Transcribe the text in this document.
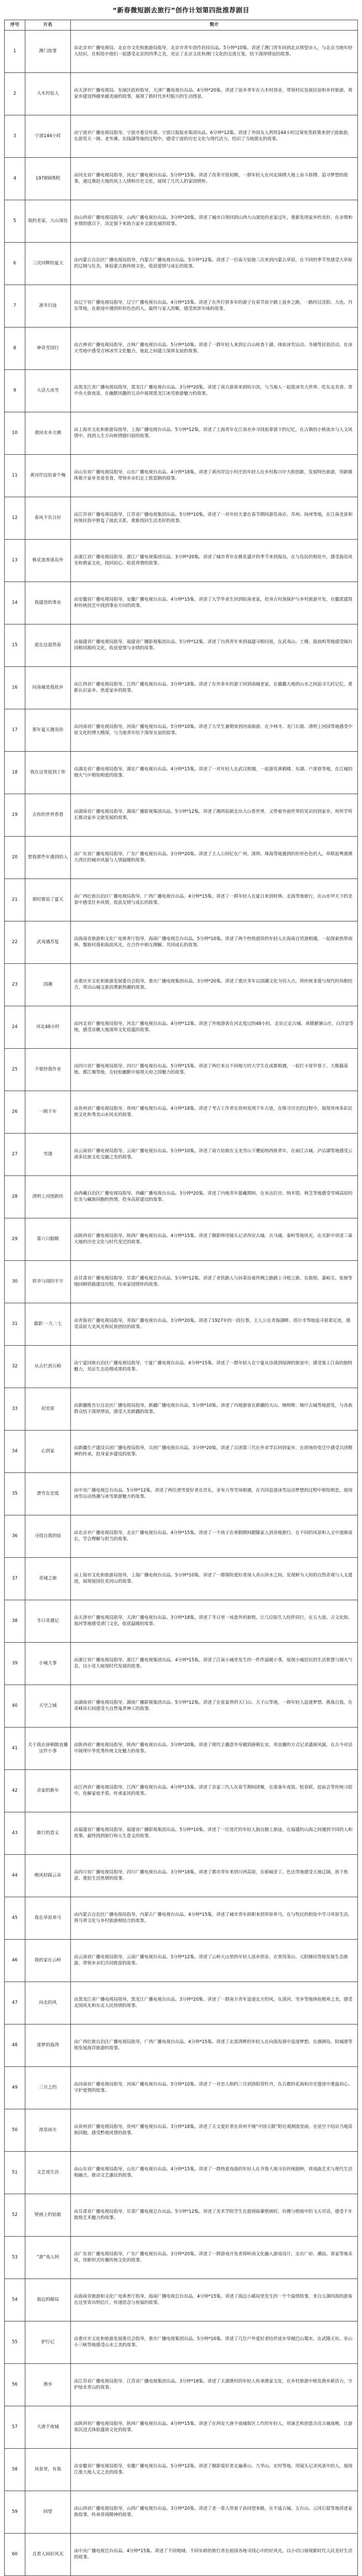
“新春微短剧去旅行”创作计划第四批推荐剧目
序号	片名	简介
1	澳门故事	由北京市广播电视局、北京市文化和旅游局指导，北京市青年创作扶持出品。5分钟*10集。讲述了澳门青年回到北京探望亲人，与北京当地年轻人结识，在相处中他们一起感受北京的四季之美，见证了北京文化和澳门文化的交流互鉴，结下深厚情谊的故事。
2	大木村姑人	由天津市广播电视局、东丽区政府指导，天津广播电视台出品。4分钟*20集。讲述了返乡青年在大木村创业，带领村民发展民宿和乡村旅游，将家乡建设得越来越美丽的故事，展现了新时代乡村振兴的生动图景。
3	宁波144小时	由宁波市广播电视局指导，宁波市委宣传部、宁波日报报业集团出品。6分钟*12集。讲述了外国友人利用144小时过境免签政策来到宁波旅游，在游览天一阁、老外滩、东钱湖等地的过程中，感受宁波的历史文化与现代活力，结识了当地朋友的故事。
4	1978锦绣程	由河北省广播电视局指导，河北广播电视台出品。5分钟*15集。讲述了改革开放初期，一群年轻人在河北锦绣大地上奋斗拼搏、追寻梦想的故事，通过燕赵大地的风土人情和历史文化，展现了几代人的家国情怀。
5	我的老家，大山深处	由山西省广播电视局指导，山西广播电视台出品。3分钟*20集。讲述了城市白领回到山西大山深处的老家过年，重新发现家乡的美好，在亲情和乡情的感召下，决定留下来助力家乡文旅发展的故事。
6	三次回眸的夏天	由内蒙古自治区广播电视局指导，内蒙古广播电视台出品。5分钟*12集。讲述了一位南方姑娘三次来到内蒙古草原，在不同的季节里感受大草原的辽阔与壮美，体验蒙古族传统文化，收获爱情与成长的故事。
7	凛冬归途	由辽宁省广播电视局指导，辽宁广播电视台出品。4分钟*15集。讲述了在外打拼多年的游子在春节前夕踏上返乡之路，一路经过沈阳、大连、丹东等地，在旅途中遇到形形色色的人，最终与家人团聚，感受浓浓年味的故事。
8	神奇雪国行	由吉林省广播电视局指导，吉林广播电视台出品。5分钟*10集。讲述了一群年轻人来到长白山和查干湖，体验冰雪运动、冬捕等民俗活动，在冰天雪地中感受吉林冰雪文化魅力，彼此之间建立深厚友谊的故事。
9	大话大冰雪	由黑龙江省广播电视局指导，黑龙江广播电视台出品。3分钟*20集。讲述了南方游客来到哈尔滨，与当地人一起逛冰雪大世界、吃东北美食、赏中央大街夜景，在幽默风趣的互动中展现黑龙江冰雪旅游魅力的故事。
10	重回水乡大佛	由上海市文化和旅游局指导，上海广播电视台出品。5分钟*12集。讲述了上海青年在江南水乡寻找祖辈留下的记忆，在古镇的小桥流水与人文风情中，找到人生方向和情感归宿的故事。
11	黄河岸边驻着个俺	由山东省广播电视局指导，山东广播电视台出品。4分钟*18集。讲述了黄河岸边小村庄的年轻人在乡村振兴中大胆创新，发展特色旅游，用新媒体推介家乡美景美食，带领乡亲们走上致富路的故事。
12	春风不负日好	由江苏省广播电视局指导，江苏省广播电视集团出品。5分钟*10集。讲述了一对年轻夫妻在春节期间游览南京、苏州、扬州等地，在江南美景和传统民俗中修复了彼此关系，重新找回生活美好的故事。
13	桃花流香落岛外	由浙江省广播电视局指导，浙江广播电视集团出品。3分钟*20集。讲述了城市青年在桃花盛开的季节来到海岛，在与岛民的相处中，感受海岛风光和渔家文化，找回初心、收获真情的故事。
14	我建造的事业	由安徽省广播电视局指导，安徽广播电视台出品。4分钟*15集。讲述了大学毕业生回到皖南老家，投身古村落保护与乡村旅游开发，在徽派建筑和传统技艺中找到事业方向的故事。
15	爱在这盈然春	由福建省广播电视局指导，福建省广播影视集团出品。5分钟*12集。讲述了台湾青年来到福建寻根问祖，在武夷山、土楼、鼓浪屿等地感受闽台同根同源的文化，收获爱情与亲情的故事。
16	问南城是我故乡	由江西省广播电视局指导，江西广播电视台出品。3分钟*18集。讲述了在外多年的游子回到南城老家，在赣鄱大地的山水之间追寻儿时记忆，重新认识家乡、热爱家乡的故事。
17	那年夏天遇见你	由河南省广播电视局指导，河南广播电视台出品。5分钟*10集。讲述了大学生暑期来到河南旅游，在少林寺、龙门石窟、清明上河园等地感受中原文化的博大精深，与当地青年结下深厚友谊的故事。
18	我在这里捉到了你	由湖北省广播电视局指导，湖北广播电视台出品。4分钟*15集。讲述了一对年轻人在武汉相遇，一起游览黄鹤楼、东湖、户部巷等地，在江城的烟火气中相知相爱的故事。
19	去你的世界看看	由湖南省广播电视局指导，湖南广播影视集团出品。5分钟*12集。讲述了湘西姑娘走出大山看世界，又带着外面世界的见识回到家乡，用所学所长推动家乡文旅发展的故事。
20	想我那些年遇到的人	由广东省广播电视局指导，广东广播电视台出品。3分钟*20集。讲述了主人公回忆在广州、深圳、珠海等地遇到的形形色色的人，串联起粤港澳大湾区的城市风貌与人情温暖的故事。
21	那时都说了夏天	由广西壮族自治区广播电视局指导，广西广播电视台出品。4分钟*15集。讲述了一群年轻人在夏日来到桂林、北海等地旅行，在山水甲天下的美景中感受壮乡风情，收获友情与成长的故事。
22	武夷遇苏复	由海南省旅游和文化广电体育厅指导，海南广播电视总台出品。5分钟*10集。讲述了两个性格迥异的年轻人在海南自贸港相遇，一起探索热带雨林、黎族村落和海滨风光，在合作中相互理解、共同成长的故事。
23	国潮	由重庆市文化和旅游发展委员会指导，重庆广播电视集团出品。3分钟*20集。讲述了重庆青年以国潮文化为切入点，将传统非遗与现代时尚相结合，带动山城文旅消费新热潮的故事。
24	河北48小时	由河北省广播电视局指导，河北广播电视台出品。4分钟*12集。讲述了外地游客在河北度过的48小时，走访正定古城、承德避暑山庄、白洋淀等地，感受京畿大地深厚文化底蕴的故事。
25	不要抄我作业	由四川省广播电视局指导，四川广播电视台出品。5分钟*15集。讲述了两位来自不同地方的大学生在成都相遇，一起打卡宽窄巷子、大熊猫基地、都江堰等地，在轻松幽默中展现天府之国魅力的故事。
26	一顾千年	由贵州省广播电视局指导，贵州广播电视台出品。4分钟*18集。讲述了考古工作者在贵州发现千年古迹，在探寻历史的过程中，展现贵州多彩民族文化和秀美山水风光的故事。
27	雪漫	由云南省广播电视局指导，云南广播电视台出品。5分钟*10集。讲述了南方姑娘在玉龙雪山下邂逅纳西族青年，在丽江古城、泸沽湖等地感受云南多民族文化交融之美的故事。
28	清明上河图新传	由西藏自治区广播电视局指导，西藏广播电视台出品。3分钟*20集。讲述了内地青年援藏期间，在布达拉宫、纳木错、林芝等地感受雪域高原的壮美与藏族同胞的热情，投身高原建设的故事。
29	第六只眼睛	由陕西省广播电视局指导，陕西广播电视台出品。4分钟*15集。讲述了摄影师用镜头记录西安古城、兵马俑、秦岭等地风光，在光影中讲述三秦大地的历史文化与时代变迁的故事。
30	铁爷与国的平宇	由甘肃省广播电视局指导，甘肃广播电视总台出品。5分钟*12集。讲述了老铁路人与孙辈沿着丝绸之路踏上寻根之旅，在敦煌、嘉峪关、张掖等地回顾铁路建设历程，传承家国情怀的故事。
31	寰影·一九二七	由青海省广播电视局指导，青海广播电视台出品。3分钟*20集。讲述了1927年的一段往事，主人公在青海湖畔、塔尔寺等地追寻祖辈足迹，感受高原大美风光和民族团结的故事。
32	从古烂到五峪	由宁夏回族自治区广播电视局指导，宁夏广播电视台出品。4分钟*15集。讲述了一群年轻人在宁夏从沙漠到绿洲的旅途中，感受塞上江南的独特魅力，见证生态治理成果的故事。
33	初美雷	由新疆维吾尔自治区广播电视局指导，新疆广播电视台出品。5分钟*10集。讲述了内地游客在新疆的天山、喀纳斯、喀什古城等地游览，与各族群众结下深厚情谊，感受大美新疆的故事。
34	心到家	由新疆生产建设兵团广播电视局指导，兵团广播电视台出品。3分钟*20集。讲述了兵团第三代在外求学后回到家乡，在团场的变迁中感受兵团精神的传承，投身家乡建设的故事。
35	滑雪在恋爱	由中央广播电视总台出品。5分钟*12集。讲述了两位滑雪爱好者在崇礼、亚布力等雪场相遇，在共同追逐冰雪运动梦想的过程中相知相恋，展现冰雪运动热潮与冰雪旅游魅力的故事。
36	寻找自我的娃	由北京市广播电视局指导，北京广播电视台出品。4分钟*15集。讲述了一个孩子在寒假期间跟随家人到各地旅行，在不同的风景和人文中逐渐成长，学会理解与担当的故事。
37	奇域之旅	由上海市文化和旅游局指导，上海广播电视台出品。5分钟*10集。讲述了一群探险爱好者深入奇山异水之间，发现鲜为人知的自然奇观与人文遗迹，展现祖国壮美河山的故事。
38	冬日奇遇记	由天津市广播电视局指导，天津广播电视台出品。3分钟*18集。讲述了冬日里一场意外的旅程，让几位陌生人结伴同行，在五大道、古文化街、海河等地感受津门文化，收获温暖的故事。
39	小城大事	由浙江省广播电视局指导，浙江广播电视集团出品。4分钟*15集。讲述了江南小城里发生的一件件温暖小事，展现小城居民的生活智慧与烟火气息，以小见大展现时代发展的故事。
40	天空之城	由湖南省广播电视局指导，湖南广播影视集团出品。5分钟*12集。讲述了在张家界的天门山、天子山等地，一群年轻人追逐梦想、挑战自我，在奇峰异石间感受大自然鬼斧神工的故事。
41	关于我在唐朝做直播这件小事	由陕西省广播电视局指导，陕西广播电视台出品。3分钟*20集。讲述了现代主播意外穿越到唐朝长安，用直播的方式记录盛唐风貌，在古今对话中展现中华优秀传统文化魅力的故事。
42	余家的新年	由江西省广播电视局指导，江西广播电视台出品。4分钟*15集。讲述了余家三代人在春节期间团聚，在准备年夜饭、贴春联、赶庙会等传统习俗中，化解家庭矛盾、传承家风的故事。
43	旅行的意义	由福建省广播电视局指导，福建省广播影视集团出品。5分钟*10集。讲述了一位迷茫的年轻人独自踏上旅途，在福建的山海之间遇到不同的人和故事，最终找到旅行和人生意义的故事。
44	晚风轻踩云朵	由四川省广播电视局指导，四川广播电视台出品。3分钟*18集。讲述了都市青年来到川西高原，在稻城亚丁、色达等地感受天地辽阔，放下焦虑、重拾生活热情的故事。
45	我在草原养马	由内蒙古自治区广播电视局指导，内蒙古广播电视台出品。4分钟*15集。讲述了城市青年辞职来到草原养马，在与牧民的相处中学习草原生活，将马背文化与乡村旅游相结合的故事。
46	我的家在云岭	由云南省广播电视局指导，云南广播电视台出品。5分钟*12集。讲述了云岭大山里的年轻人返乡创业，在普洱茶山、元阳梯田等地发展生态旅游，带领乡亲们共同致富的故事。
47	向北的风	由黑龙江省广播电视局指导，黑龙江广播电视台出品。3分钟*20集。讲述了一群南方青年追逐北方的风，在漠河、雪乡等地体验极寒之美，感受北国风光和东北人民热情的故事。
48	逐梦的海湾	由广西壮族自治区广播电视局指导，广西广播电视台出品。4分钟*15集。讲述了北部湾畔的年轻人在向海发展中追逐梦想，在涠洲岛、防城港等地发展海洋旅游的故事。
49	三月之约	由河南省广播电视局指导，河南广播电视台出品。5分钟*10集。讲述了一对恋人相约三月到洛阳赏牡丹，在古都的花海和历史遗迹中重温初心、守护爱情的故事。
50	流星雨火	由贵州省广播电视局指导，贵州广播电视台出品。3分钟*18集。讲述了天文爱好者在贵州平塘“中国天眼”附近观测流星雨，在星空下结识当地苗族同胞，感受黔地风情的故事。
51	文艺戏生活	由山东省广播电视局指导，山东广播电视台出品。4分钟*15集。讲述了一群热爱戏曲的年轻人在齐鲁大地寻访传统剧种，将戏曲艺术与现代生活相融合，推动文艺惠民的故事。
52	壁画上的姑娘	由甘肃省广播电视局指导，甘肃广播电视总台出品。5分钟*12集。讲述了美术学院学生在敦煌临摹壁画时，仿佛与壁画中的飞天对话，感受千年敦煌艺术魅力的故事。
53	“游”戏人间	由广东省广播电视局指导，广东广播电视台出品。3分钟*20集。讲述了一群游戏开发者将岭南文化融入游戏设计，走访广府、潮汕、客家等地采风，用新形式传播传统文化的故事。
54	海边的邮局	由海南省旅游和文化广电体育厅指导，海南广播电视总台出品。4分钟*15集。讲述了海边小邮局里发生的一个个温情故事，来自五湖四海的游客在这里寄出明信片，传递思念与祝福的故事。
55	驴行记	由重庆市文化和旅游发展委员会指导，重庆广播电视集团出品。5分钟*10集。讲述了几位户外爱好者结伴徒步穿越巴山蜀水，在武隆天坑、巫山小三峡等地感受山水之美的故事。
56	渔乡	由江苏省广播电视局指导，江苏省广播电视集团出品。3分钟*18集。讲述了太湖渔村的年轻人传承渔家文化，在乡村旅游中焕发渔乡新活力，守护绿水青山的故事。
57	大唐不夜城	由陕西省广播电视局指导，陕西广播电视台出品。4分钟*15集。讲述了在西安大唐不夜城街区工作的年轻人，用演艺和创意点亮古城夜晚，让游客沉浸式体验盛唐文化的故事。
58	风景里，有我	由安徽省广播电视局指导，安徽广播电视台出品。5分钟*12集。讲述了摄影爱好者走遍黄山、九华山、宏村等地，用镜头记录风景中的人，展现江淮大地人文之美的故事。
59	回望	由山西省广播电视局指导，山西广播电视台出品。3分钟*20集。讲述了老一辈人带着子孙回望来路，在平遥古城、五台山、云冈石窟等地讲述家族故事，传承晋商精神的故事。
60	且看人间好风光	由中央广播电视总台出品。4分钟*15集。讲述了不同地域、不同年龄的旅行者在祖国各地寻找心中的好风光，以小切口展现新时代人民美好生活的故事。
